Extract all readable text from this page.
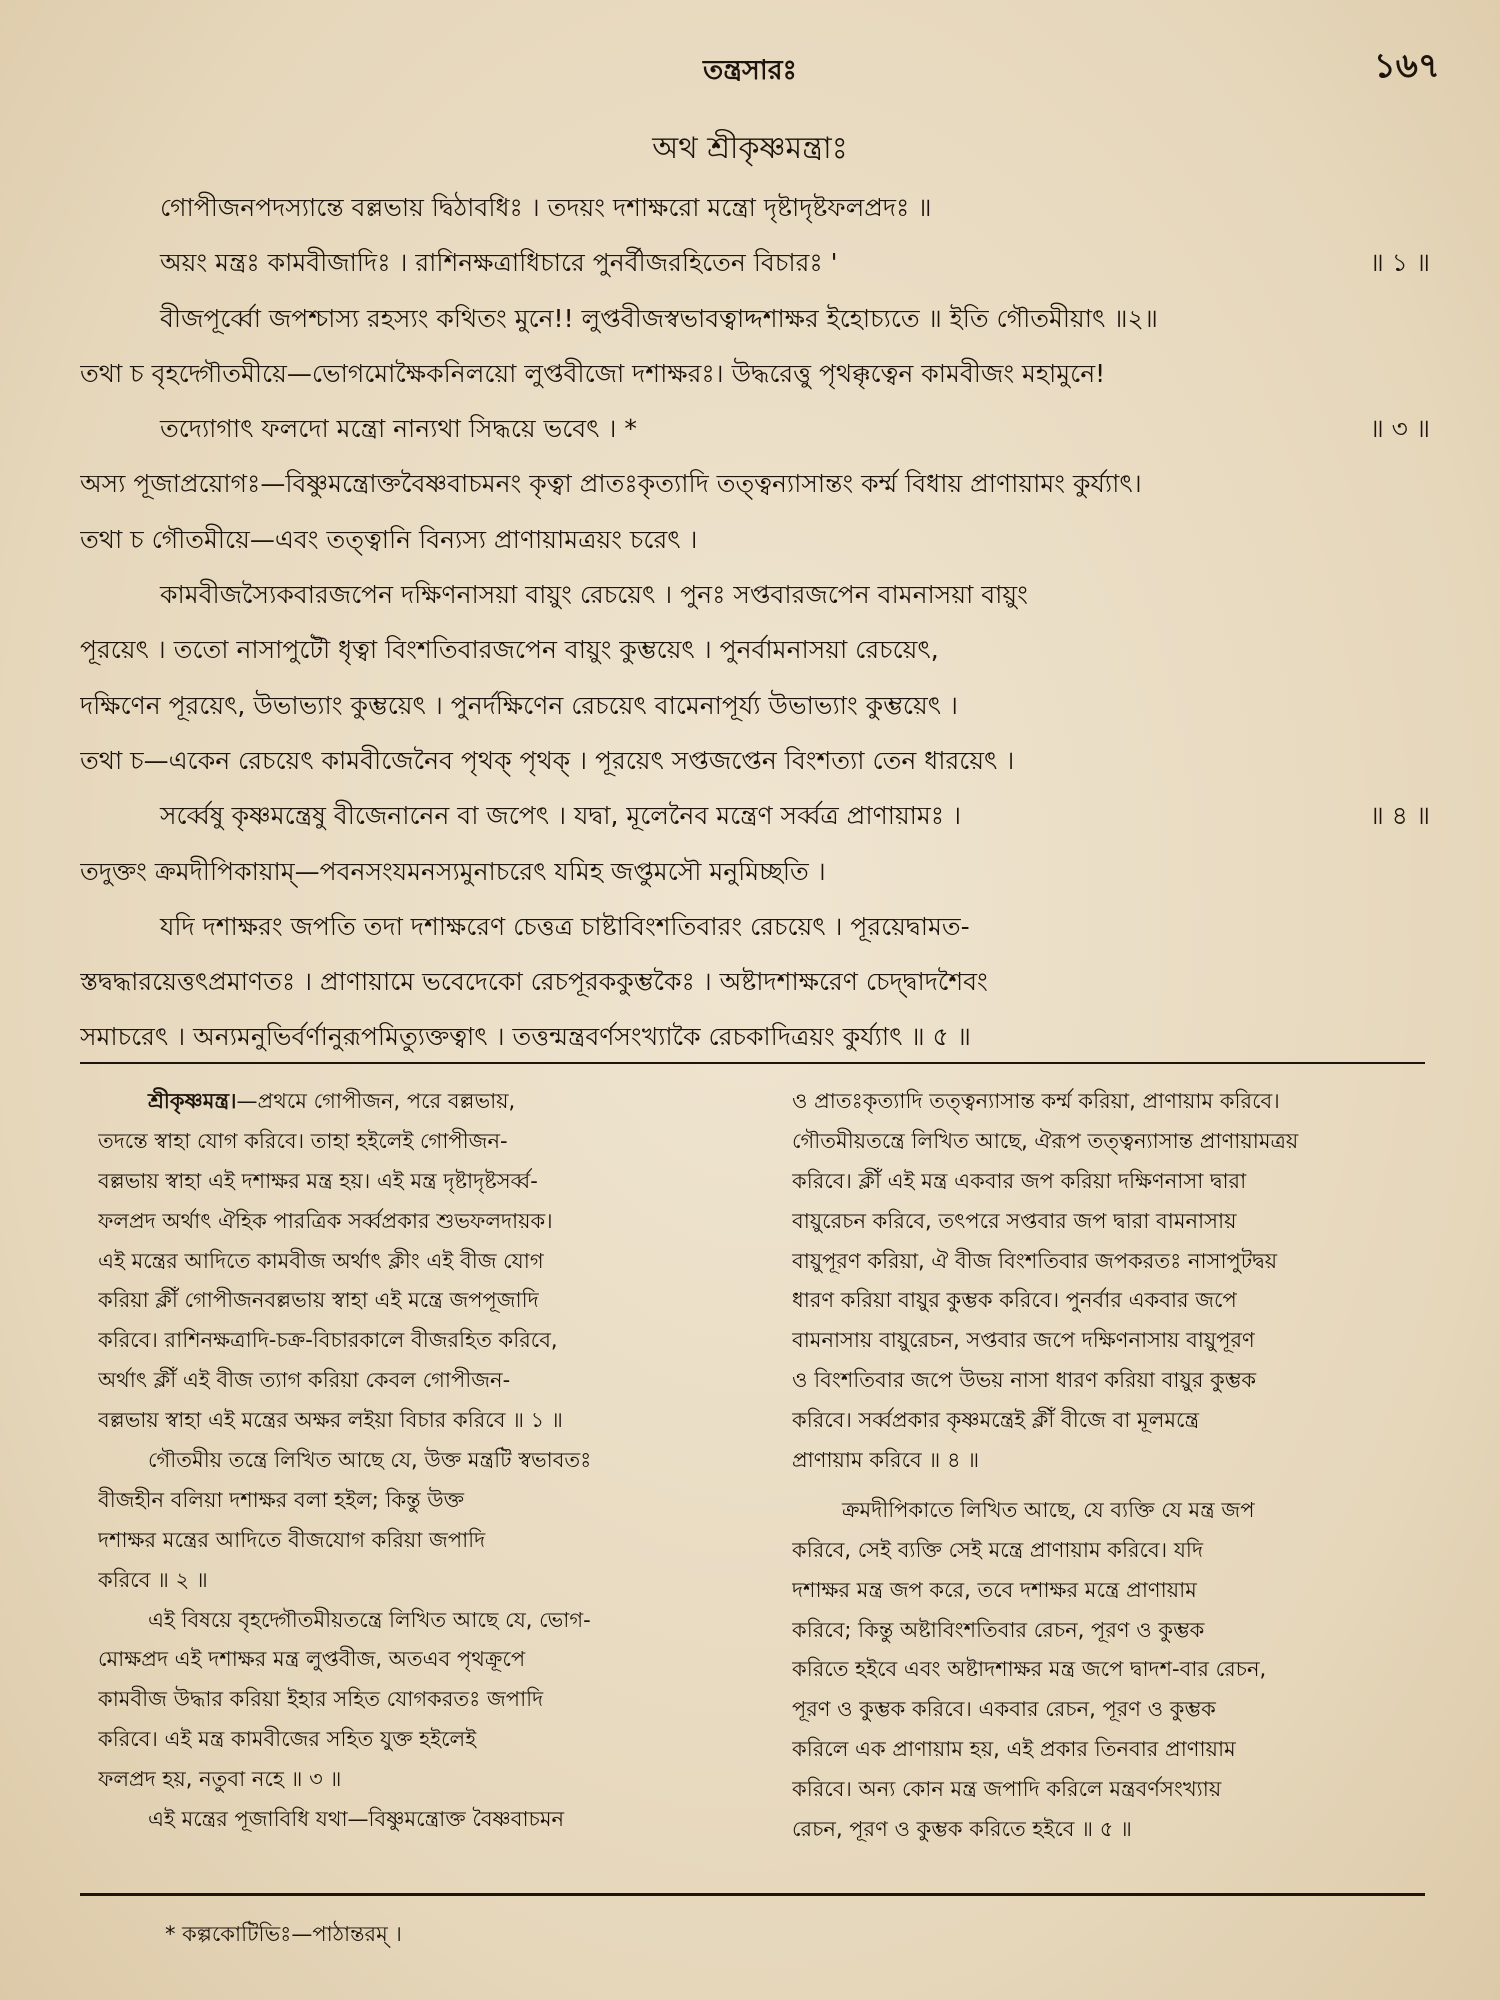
তন্ত্রসারঃ	১৬৭
অথ শ্রীকৃষ্ণমন্ত্রাঃ
গোপীজনপদস্যান্তে বল্লভায় দ্বিঠাবধিঃ । তদয়ং দশাক্ষরো মন্ত্রো দৃষ্টাদৃষ্টফলপ্রদঃ ॥
অয়ং মন্ত্রঃ কামবীজাদিঃ । রাশিনক্ষত্রাধিচারে পুনর্বীজরহিতেন বিচারঃ '	॥ ১ ॥
বীজপূর্ব্বো জপশ্চাস্য রহস্যং কথিতং মুনে!! লুপ্তবীজস্বভাবত্বাদ্দশাক্ষর ইহোচ্যতে ॥ ইতি গৌতমীয়াৎ ॥২॥
তথা চ বৃহদ্গৌতমীয়ে—ভোগমোক্ষৈকনিলয়ো লুপ্তবীজো দশাক্ষরঃ। উদ্ধরেত্তু পৃথক্কৃত্বেন কামবীজং মহামুনে!
তদ্যোগাৎ ফলদো মন্ত্রো নান্যথা সিদ্ধয়ে ভবেৎ । *	॥ ৩ ॥
অস্য পূজাপ্রয়োগঃ—বিষ্ণুমন্ত্রোক্তবৈষ্ণবাচমনং কৃত্বা প্রাতঃকৃত্যাদি তত্ত্বন্যাসান্তং কর্ম্ম বিধায় প্রাণায়ামং কুর্য্যাৎ।
তথা চ গৌতমীয়ে—এবং তত্ত্বানি বিন্যস্য প্রাণায়ামত্রয়ং চরেৎ ।
কামবীজস্যৈকবারজপেন দক্ষিণনাসয়া বায়ুং রেচয়েৎ । পুনঃ সপ্তবারজপেন বামনাসয়া বায়ুং
পূরয়েৎ । ততো নাসাপুটৌ ধৃত্বা বিংশতিবারজপেন বায়ুং কুম্ভয়েৎ । পুনর্বামনাসয়া রেচয়েৎ,
দক্ষিণেন পূরয়েৎ, উভাভ্যাং কুম্ভয়েৎ । পুনর্দক্ষিণেন রেচয়েৎ বামেনাপূর্য্য উভাভ্যাং কুম্ভয়েৎ ।
তথা চ—একেন রেচয়েৎ কামবীজেনৈব পৃথক্ পৃথক্ । পূরয়েৎ সপ্তজপ্তেন বিংশত্যা তেন ধারয়েৎ ।
সর্ব্বেষু কৃষ্ণমন্ত্রেষু বীজেনানেন বা জপেৎ । যদ্বা, মূলেনৈব মন্ত্রেণ সর্ব্বত্র প্রাণায়ামঃ ।	॥ ৪ ॥
তদুক্তং ক্রমদীপিকায়াম্—পবনসংযমনস্যমুনাচরেৎ যমিহ জপ্তুমসৌ মনুমিচ্ছতি ।
যদি দশাক্ষরং জপতি তদা দশাক্ষরেণ চেত্তত্র চাষ্টাবিংশতিবারং রেচয়েৎ । পূরয়েদ্বামত-
স্তদ্বদ্ধারয়েত্তৎপ্রমাণতঃ । প্রাণায়ামে ভবেদেকো রেচপূরককুম্ভকৈঃ । অষ্টাদশাক্ষরেণ চেদ্দ্বাদশৈবং
সমাচরেৎ । অন্যমনুভির্বর্ণানুরূপমিত্যুক্তত্বাৎ । তত্তন্মন্ত্রবর্ণসংখ্যাকৈ রেচকাদিত্রয়ং কুর্য্যাৎ ॥ ৫ ॥
শ্রীকৃষ্ণমন্ত্র।—প্রথমে গোপীজন, পরে বল্লভায়,
তদন্তে স্বাহা যোগ করিবে। তাহা হইলেই গোপীজন-
বল্লভায় স্বাহা এই দশাক্ষর মন্ত্র হয়। এই মন্ত্র দৃষ্টাদৃষ্টসর্ব্ব-
ফলপ্রদ অর্থাৎ ঐহিক পারত্রিক সর্ব্বপ্রকার শুভফলদায়ক।
এই মন্ত্রের আদিতে কামবীজ অর্থাৎ ক্লীং এই বীজ যোগ
করিয়া ক্লীঁ গোপীজনবল্লভায় স্বাহা এই মন্ত্রে জপপূজাদি
করিবে। রাশিনক্ষত্রাদি-চক্র-বিচারকালে বীজরহিত করিবে,
অর্থাৎ ক্লীঁ এই বীজ ত্যাগ করিয়া কেবল গোপীজন-
বল্লভায় স্বাহা এই মন্ত্রের অক্ষর লইয়া বিচার করিবে ॥ ১ ॥
গৌতমীয় তন্ত্রে লিখিত আছে যে, উক্ত মন্ত্রটি স্বভাবতঃ
বীজহীন বলিয়া দশাক্ষর বলা হইল; কিন্তু উক্ত
দশাক্ষর মন্ত্রের আদিতে বীজযোগ করিয়া জপাদি
করিবে ॥ ২ ॥
এই বিষয়ে বৃহদ্গৌতমীয়তন্ত্রে লিখিত আছে যে, ভোগ-
মোক্ষপ্রদ এই দশাক্ষর মন্ত্র লুপ্তবীজ, অতএব পৃথক্রূপে
কামবীজ উদ্ধার করিয়া ইহার সহিত যোগকরতঃ জপাদি
করিবে। এই মন্ত্র কামবীজের সহিত যুক্ত হইলেই
ফলপ্রদ হয়, নতুবা নহে ॥ ৩ ॥
এই মন্ত্রের পূজাবিধি যথা—বিষ্ণুমন্ত্রোক্ত বৈষ্ণবাচমন
ও প্রাতঃকৃত্যাদি তত্ত্বন্যাসান্ত কর্ম্ম করিয়া, প্রাণায়াম করিবে।
গৌতমীয়তন্ত্রে লিখিত আছে, ঐরূপ তত্ত্বন্যাসান্ত প্রাণায়ামত্রয়
করিবে। ক্লীঁ এই মন্ত্র একবার জপ করিয়া দক্ষিণনাসা দ্বারা
বায়ুরেচন করিবে, তৎপরে সপ্তবার জপ দ্বারা বামনাসায়
বায়ুপূরণ করিয়া, ঐ বীজ বিংশতিবার জপকরতঃ নাসাপুটদ্বয়
ধারণ করিয়া বায়ুর কুম্ভক করিবে। পুনর্বার একবার জপে
বামনাসায় বায়ুরেচন, সপ্তবার জপে দক্ষিণনাসায় বায়ুপূরণ
ও বিংশতিবার জপে উভয় নাসা ধারণ করিয়া বায়ুর কুম্ভক
করিবে। সর্ব্বপ্রকার কৃষ্ণমন্ত্রেই ক্লীঁ বীজে বা মূলমন্ত্রে
প্রাণায়াম করিবে ॥ ৪ ॥
ক্রমদীপিকাতে লিখিত আছে, যে ব্যক্তি যে মন্ত্র জপ
করিবে, সেই ব্যক্তি সেই মন্ত্রে প্রাণায়াম করিবে। যদি
দশাক্ষর মন্ত্র জপ করে, তবে দশাক্ষর মন্ত্রে প্রাণায়াম
করিবে; কিন্তু অষ্টাবিংশতিবার রেচন, পূরণ ও কুম্ভক
করিতে হইবে এবং অষ্টাদশাক্ষর মন্ত্র জপে দ্বাদশ-বার রেচন,
পূরণ ও কুম্ভক করিবে। একবার রেচন, পূরণ ও কুম্ভক
করিলে এক প্রাণায়াম হয়, এই প্রকার তিনবার প্রাণায়াম
করিবে। অন্য কোন মন্ত্র জপাদি করিলে মন্ত্রবর্ণসংখ্যায়
রেচন, পূরণ ও কুম্ভক করিতে হইবে ॥ ৫ ॥
* কল্পকোটিভিঃ—পাঠান্তরম্ ।
